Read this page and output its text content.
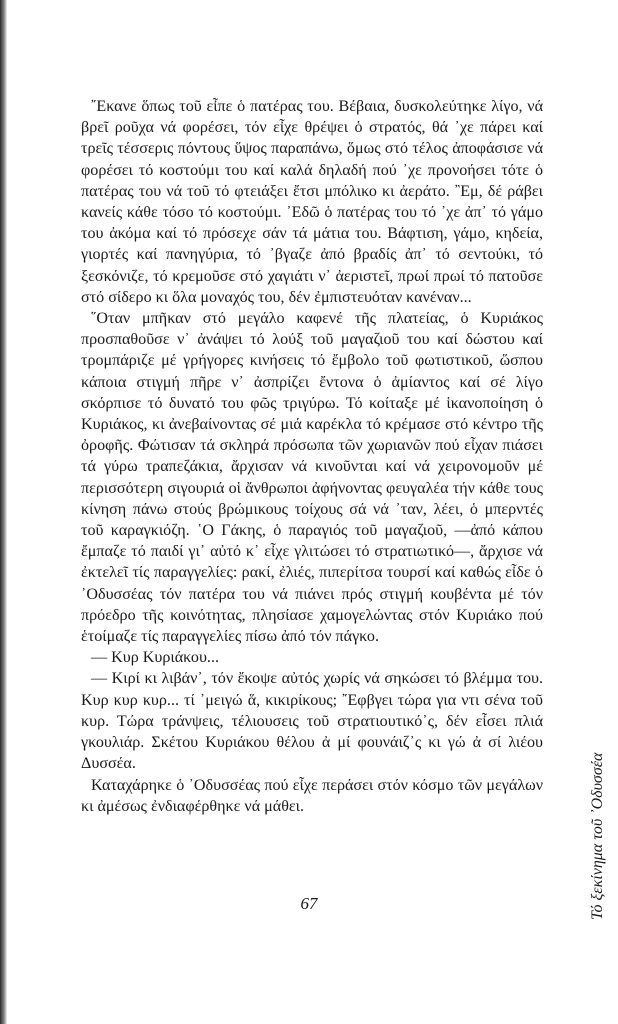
῎Εκανε ὅπως τοῦ εἶπε ὁ πατέρας του. Βέβαια, δυσκολεύτηκε λίγο, νά βρεῖ ροῦχα νά φορέσει, τόν εἶχε θρέψει ὁ στρατός, θά ᾽χε πάρει καί τρεῖς τέσσερις πόντους ὕψος παραπάνω, ὅμως στό τέλος ἀποφάσισε νά φορέσει τό κοστούμι του καί καλά δηλαδή πού ᾽χε προνοήσει τότε ὁ πατέρας του νά τοῦ τό φτειάξει ἔτσι μπόλικο κι ἀεράτο. ῍Εμ, δέ ράβει κανείς κάθε τόσο τό κοστούμι. ᾽Εδῶ ὁ πατέρας του τό ᾽χε ἀπ᾽ τό γάμο του ἀκόμα καί τό πρόσεχε σάν τά μάτια του. Βάφτιση, γάμο, κηδεία, γιορτές καί πανηγύρια, τό ᾽βγαζε ἀπό βραδίς ἀπ᾽ τό σεντούκι, τό ξεσκόνιζε, τό κρεμοῦσε στό χαγιάτι ν᾽ ἀεριστεῖ, πρωί πρωί τό πατοῦσε στό σίδερο κι ὅλα μοναχός του, δέν ἐμπιστευόταν κανέναν...

῞Οταν μπῆκαν στό μεγάλο καφενέ τῆς πλατείας, ὁ Κυριάκος προσπαθοῦσε ν᾽ ἀνάψει τό λούξ τοῦ μαγαζιοῦ του καί δώστου καί τρομπάριζε μέ γρήγορες κινήσεις τό ἔμβολο τοῦ φωτιστικοῦ, ὥσπου κάποια στιγμή πῆρε ν᾽ ἀσπρίζει ἔντονα ὁ ἀμίαντος καί σέ λίγο σκόρπισε τό δυνατό του φῶς τριγύρω. Τό κοίταξε μέ ἱκανοποίηση ὁ Κυριάκος, κι ἀνεβαίνοντας σέ μιά καρέκλα τό κρέμασε στό κέντρο τῆς ὀροφῆς. Φώτισαν τά σκληρά πρόσωπα τῶν χωριανῶν πού εἶχαν πιάσει τά γύρω τραπεζάκια, ἄρχισαν νά κινοῦνται καί νά χειρονομοῦν μέ περισσότερη σιγουριά οἱ ἄνθρωποι ἀφήνοντας φευγαλέα τήν κάθε τους κίνηση πάνω στούς βρώμικους τοίχους σά νά ᾽ταν, λέει, ὁ μπερντές τοῦ καραγκιόζη. ῾Ο Γάκης, ὁ παραγιός τοῦ μαγαζιοῦ, —ἀπό κάπου ἔμπαζε τό παιδί γι᾽ αὐτό κ᾽ εἶχε γλιτώσει τό στρατιωτικό—, ἄρχισε νά ἐκτελεῖ τίς παραγγελίες: ρακί, ἐλιές, πιπερίτσα τουρσί καί καθώς εἶδε ὁ ᾽Οδυσσέας τόν πατέρα του νά πιάνει πρός στιγμή κουβέντα μέ τόν πρόεδρο τῆς κοινότητας, πλησίασε χαμογελώντας στόν Κυριάκο πού ἑτοίμαζε τίς παραγγελίες πίσω ἀπό τόν πάγκο.

— Κυρ Κυριάκου...

— Κιρί κι λιβάν᾽, τόν ἔκοψε αὐτός χωρίς νά σηκώσει τό βλέμμα του. Κυρ κυρ κυρ... τί ᾽μειγώ ἅ, κικιρίκους; ῎Εφβγει τώρα για ντι σένα τοῦ κυρ. Τώρα τράνψεις, τέλιουσεις τοῦ στρατιουτικό᾽ς, δέν εἶσει πλιά γκουλιάρ. Σκέτου Κυριάκου θέλου ἀ μί φουνάιζ᾽ς κι γώ ἀ σί λιέου Δυσσέα.

Καταχάρηκε ὁ ᾽Οδυσσέας πού εἶχε περάσει στόν κόσμο τῶν μεγάλων κι ἀμέσως ἐνδιαφέρθηκε νά μάθει.

67	Τό ξεκίνημα τοῦ ᾽Οδυσσέα
